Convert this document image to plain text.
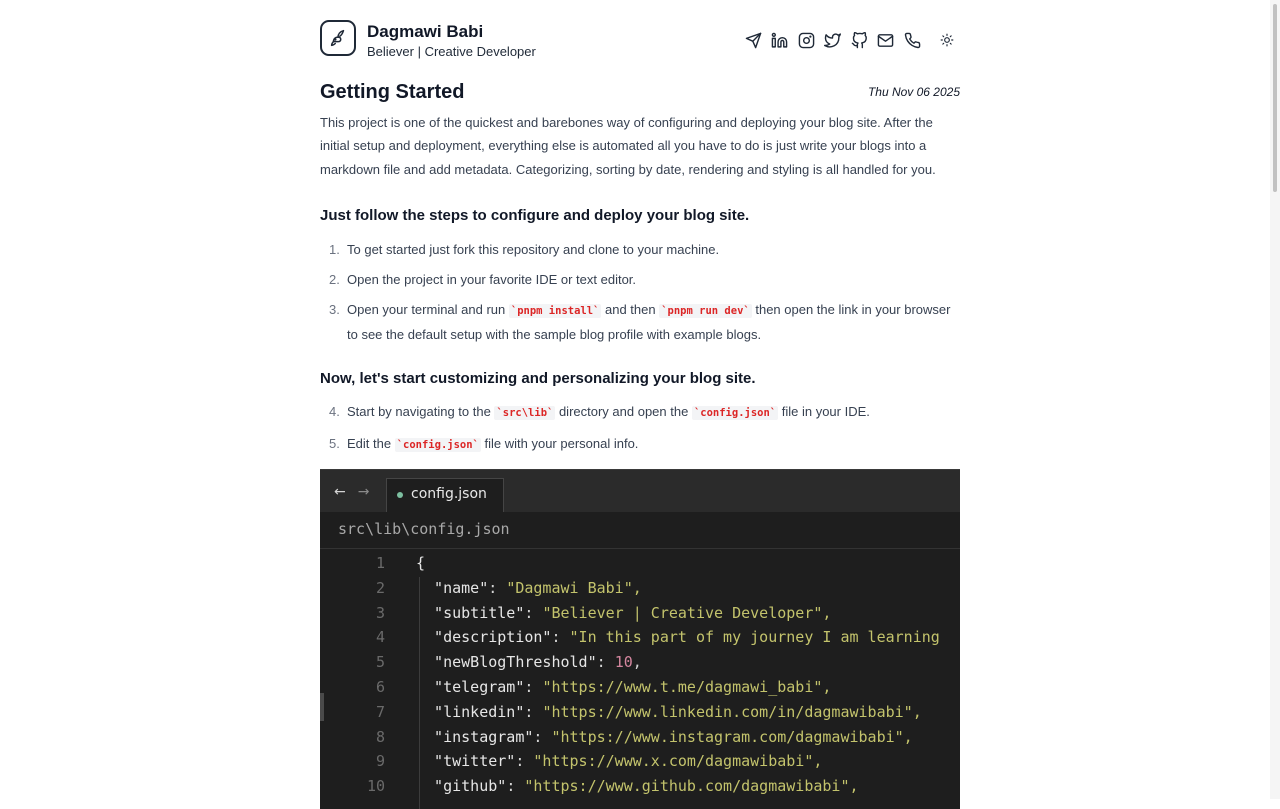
Dagmawi Babi
Believer | Creative Developer
Getting Started	Thu Nov 06 2025

This project is one of the quickest and barebones way of configuring and deploying your blog site. After the initial setup and deployment, everything else is automated all you have to do is just write your blogs into a markdown file and add metadata. Categorizing, sorting by date, rendering and styling is all handled for you.

Just follow the steps to configure and deploy your blog site.
1. To get started just fork this repository and clone to your machine.
2. Open the project in your favorite IDE or text editor.
3. Open your terminal and run `pnpm install` and then `pnpm run dev` then open the link in your browser to see the default setup with the sample blog profile with example blogs.
Now, let's start customizing and personalizing your blog site.
4. Start by navigating to the `src\lib` directory and open the `config.json` file in your IDE.
5. Edit the `config.json` file with your personal info.
← →	config.json
src\lib\config.json
1 {
2 "name": "Dagmawi Babi",
3 "subtitle": "Believer | Creative Developer",
4 "description": "In this part of my journey I am learning
5 "newBlogThreshold": 10,
6 "telegram": "https://www.t.me/dagmawi_babi",
7 "linkedin": "https://www.linkedin.com/in/dagmawibabi",
8 "instagram": "https://www.instagram.com/dagmawibabi",
9 "twitter": "https://www.x.com/dagmawibabi",
10 "github": "https://www.github.com/dagmawibabi",
